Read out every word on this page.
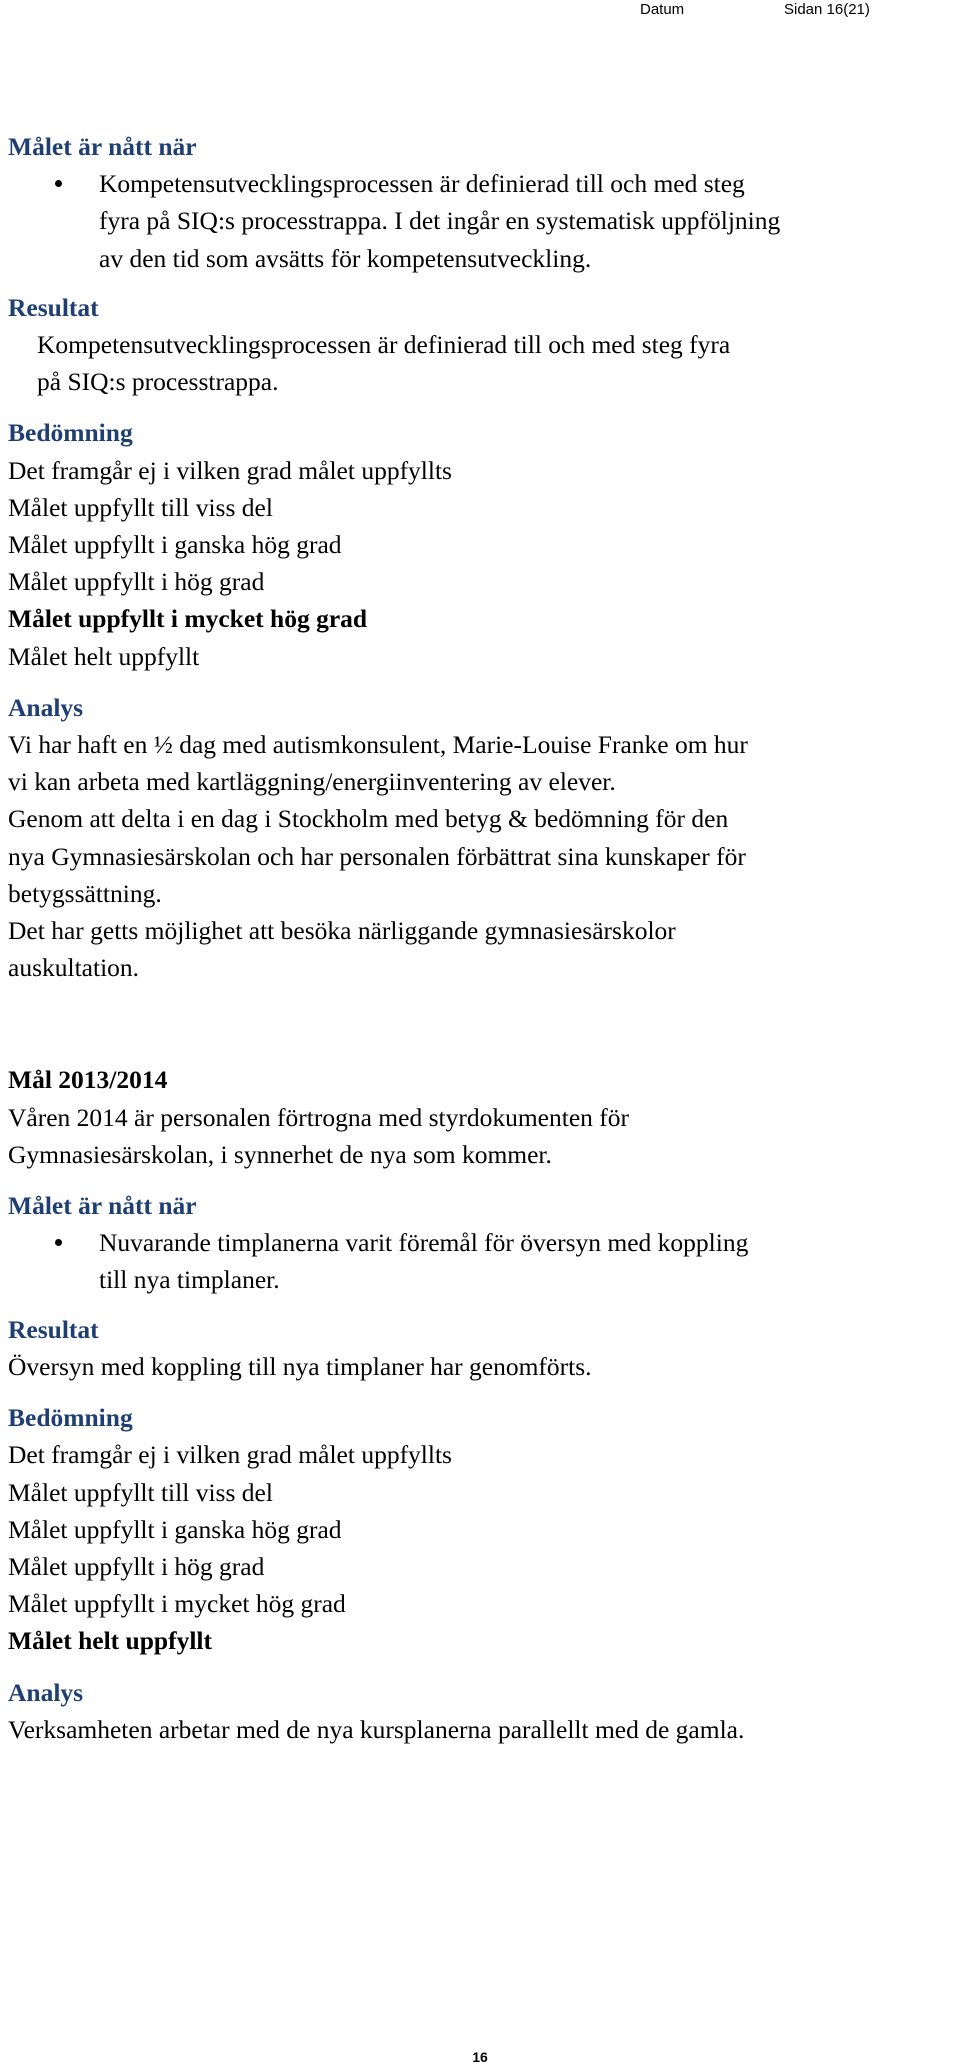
Datum	Sidan 16(21)
Målet är nått när
Kompetensutvecklingsprocessen är definierad till och med steg
fyra på SIQ:s processtrappa. I det ingår en systematisk uppföljning
av den tid som avsätts för kompetensutveckling.
Resultat
Kompetensutvecklingsprocessen är definierad till och med steg fyra
på SIQ:s processtrappa.
Bedömning
Det framgår ej i vilken grad målet uppfyllts
Målet uppfyllt till viss del
Målet uppfyllt i ganska hög grad
Målet uppfyllt i hög grad
Målet uppfyllt i mycket hög grad
Målet helt uppfyllt
Analys
Vi har haft en ½ dag med autismkonsulent, Marie-Louise Franke om hur
vi kan arbeta med kartläggning/energiinventering av elever.
Genom att delta i en dag i Stockholm med betyg & bedömning för den
nya Gymnasiesärskolan och har personalen förbättrat sina kunskaper för
betygssättning.
Det har getts möjlighet att besöka närliggande gymnasiesärskolor
auskultation.
Mål 2013/2014
Våren 2014 är personalen förtrogna med styrdokumenten för
Gymnasiesärskolan, i synnerhet de nya som kommer.
Målet är nått när
Nuvarande timplanerna varit föremål för översyn med koppling
till nya timplaner.
Resultat
Översyn med koppling till nya timplaner har genomförts.
Bedömning
Det framgår ej i vilken grad målet uppfyllts
Målet uppfyllt till viss del
Målet uppfyllt i ganska hög grad
Målet uppfyllt i hög grad
Målet uppfyllt i mycket hög grad
Målet helt uppfyllt
Analys
Verksamheten arbetar med de nya kursplanerna parallellt med de gamla.
16
